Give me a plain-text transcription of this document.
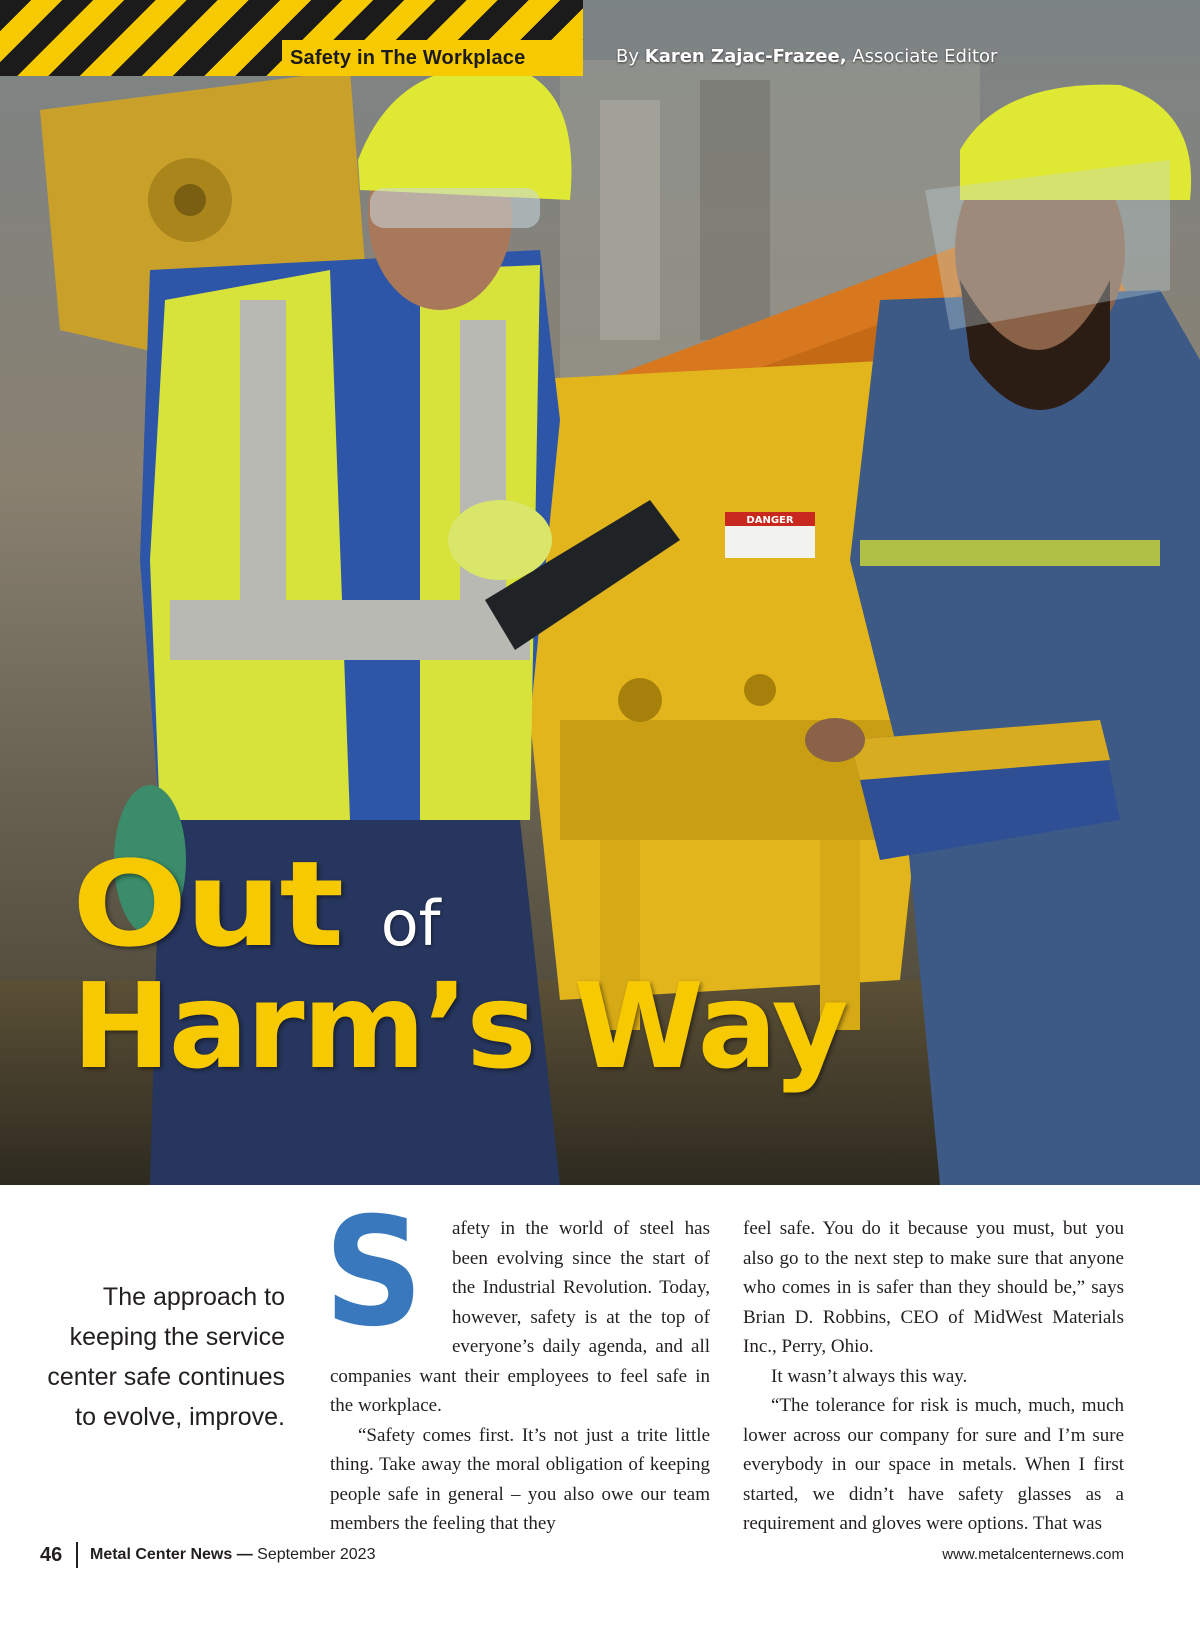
DANGER
Safety in The Workplace	By Karen Zajac-Frazee, Associate Editor
Out of
Harm’s Way
The approach to keeping the service center safe continues to evolve, improve.
S	afety in the world of steel has been evolving since the start of the Industrial Revolution. Today, however, safety is at the top of everyone’s daily agenda, and all companies want their employees to feel safe in the workplace.

“Safety comes first. It’s not just a trite little thing. Take away the moral obligation of keeping people safe in general – you also owe our team members the feeling that they

feel safe. You do it because you must, but you also go to the next step to make sure that anyone who comes in is safer than they should be,” says Brian D. Robbins, CEO of MidWest Materials Inc., Perry, Ohio.

It wasn’t always this way.

“The tolerance for risk is much, much, much lower across our company for sure and I’m sure everybody in our space in metals. When I first started, we didn’t have safety glasses as a requirement and gloves were options. That was

46 Metal Center News — September 2023	www.metalcenternews.com
